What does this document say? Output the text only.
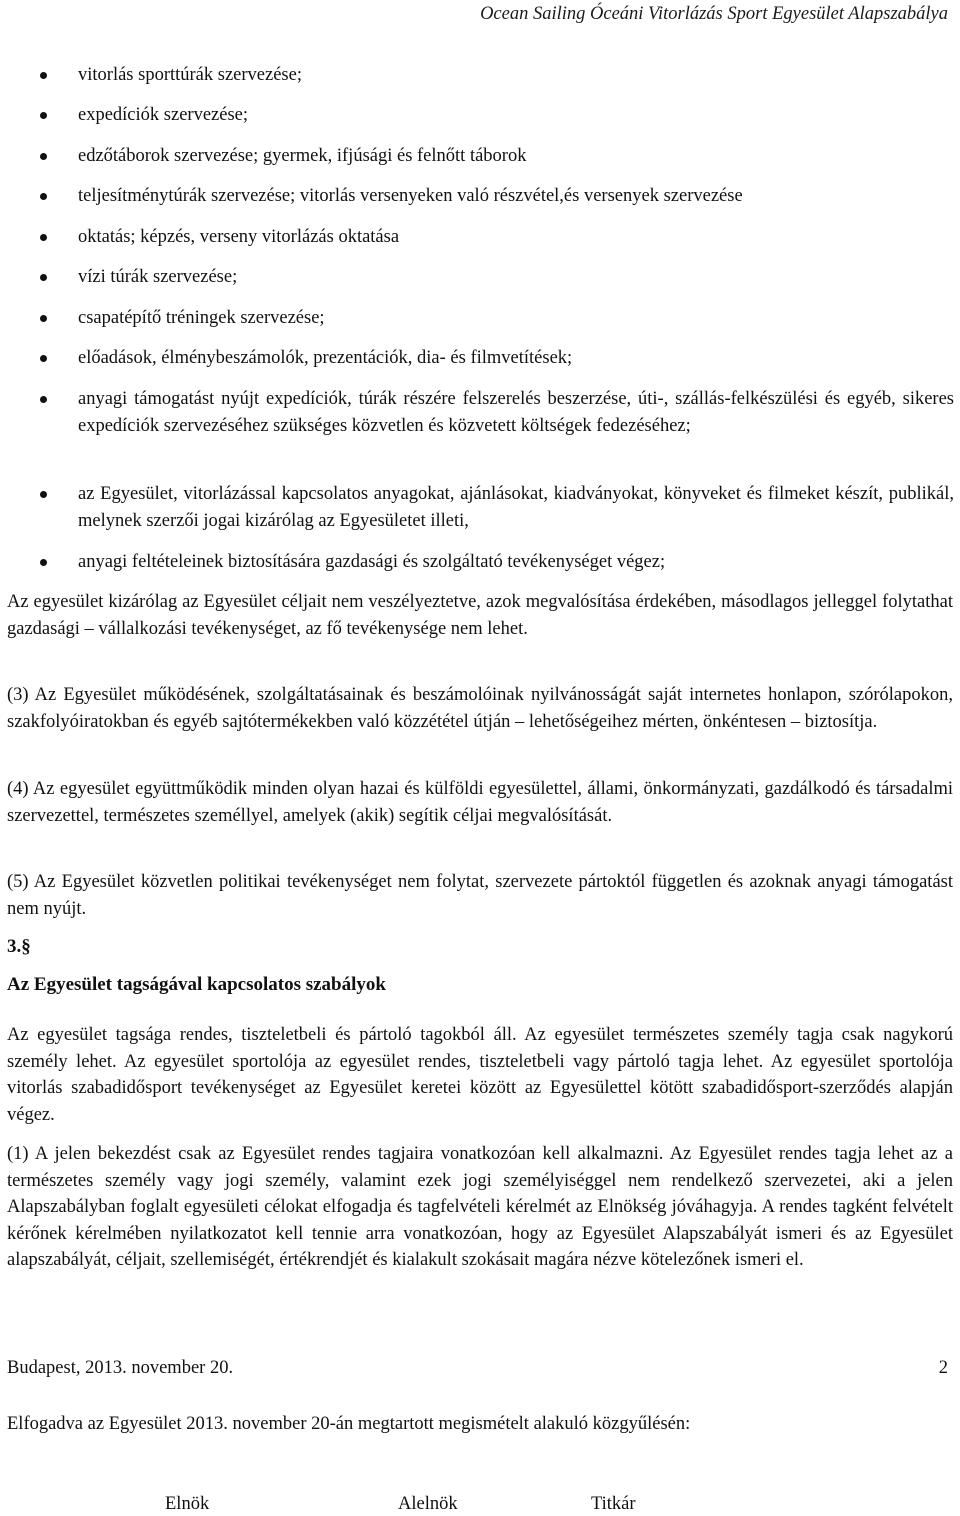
Ocean Sailing Óceáni Vitorlázás Sport Egyesület Alapszabálya
vitorlás sporttúrák szervezése;
expedíciók szervezése;
edzőtáborok szervezése; gyermek, ifjúsági és felnőtt táborok
teljesítménytúrák szervezése; vitorlás versenyeken való részvétel,és versenyek szervezése
oktatás; képzés, verseny vitorlázás oktatása
vízi túrák szervezése;
csapatépítő tréningek szervezése;
előadások, élménybeszámolók, prezentációk, dia- és filmvetítések;
anyagi támogatást nyújt expedíciók, túrák részére felszerelés beszerzése, úti-, szállás-felkészülési és egyéb, sikeres expedíciók szervezéséhez szükséges közvetlen és közvetett költségek fedezéséhez;
az Egyesület, vitorlázással kapcsolatos anyagokat, ajánlásokat, kiadványokat, könyveket és filmeket készít, publikál, melynek szerzői jogai kizárólag az Egyesületet illeti,
anyagi feltételeinek biztosítására gazdasági és szolgáltató tevékenységet végez;
Az egyesület kizárólag az Egyesület céljait nem veszélyeztetve, azok megvalósítása érdekében, másodlagos jelleggel folytathat gazdasági – vállalkozási tevékenységet, az fő tevékenysége nem lehet.
(3) Az Egyesület működésének, szolgáltatásainak és beszámolóinak nyilvánosságát saját internetes honlapon, szórólapokon, szakfolyóiratokban és egyéb sajtótermékekben való közzététel útján – lehetőségeihez mérten, önkéntesen – biztosítja.
(4) Az egyesület együttműködik minden olyan hazai és külföldi egyesülettel, állami, önkormányzati, gazdálkodó és társadalmi szervezettel, természetes személlyel, amelyek (akik) segítik céljai megvalósítását.
(5) Az Egyesület közvetlen politikai tevékenységet nem folytat, szervezete pártoktól független és azoknak anyagi támogatást nem nyújt.
3.§
Az Egyesület tagságával kapcsolatos szabályok
Az egyesület tagsága rendes, tiszteletbeli és pártoló tagokból áll. Az egyesület természetes személy tagja csak nagykorú személy lehet. Az egyesület sportolója az egyesület rendes, tiszteletbeli vagy pártoló tagja lehet. Az egyesület sportolója vitorlás szabadidősport tevékenységet az Egyesület keretei között az Egyesülettel kötött szabadidősport-szerződés alapján végez.
(1) A jelen bekezdést csak az Egyesület rendes tagjaira vonatkozóan kell alkalmazni. Az Egyesület rendes tagja lehet az a természetes személy vagy jogi személy, valamint ezek jogi személyiséggel nem rendelkező szervezetei, aki a jelen Alapszabályban foglalt egyesületi célokat elfogadja és tagfelvételi kérelmét az Elnökség jóváhagyja. A rendes tagként felvételt kérőnek kérelmében nyilatkozatot kell tennie arra vonatkozóan, hogy az Egyesület Alapszabályát ismeri és az Egyesület alapszabályát, céljait, szellemiségét, értékrendjét és kialakult szokásait magára nézve kötelezőnek ismeri el.
Budapest, 2013. november 20.	2
Elfogadva az Egyesület 2013. november 20-án megtartott megismételt alakuló közgyűlésén:
Elnök	Alelnök	Titkár
